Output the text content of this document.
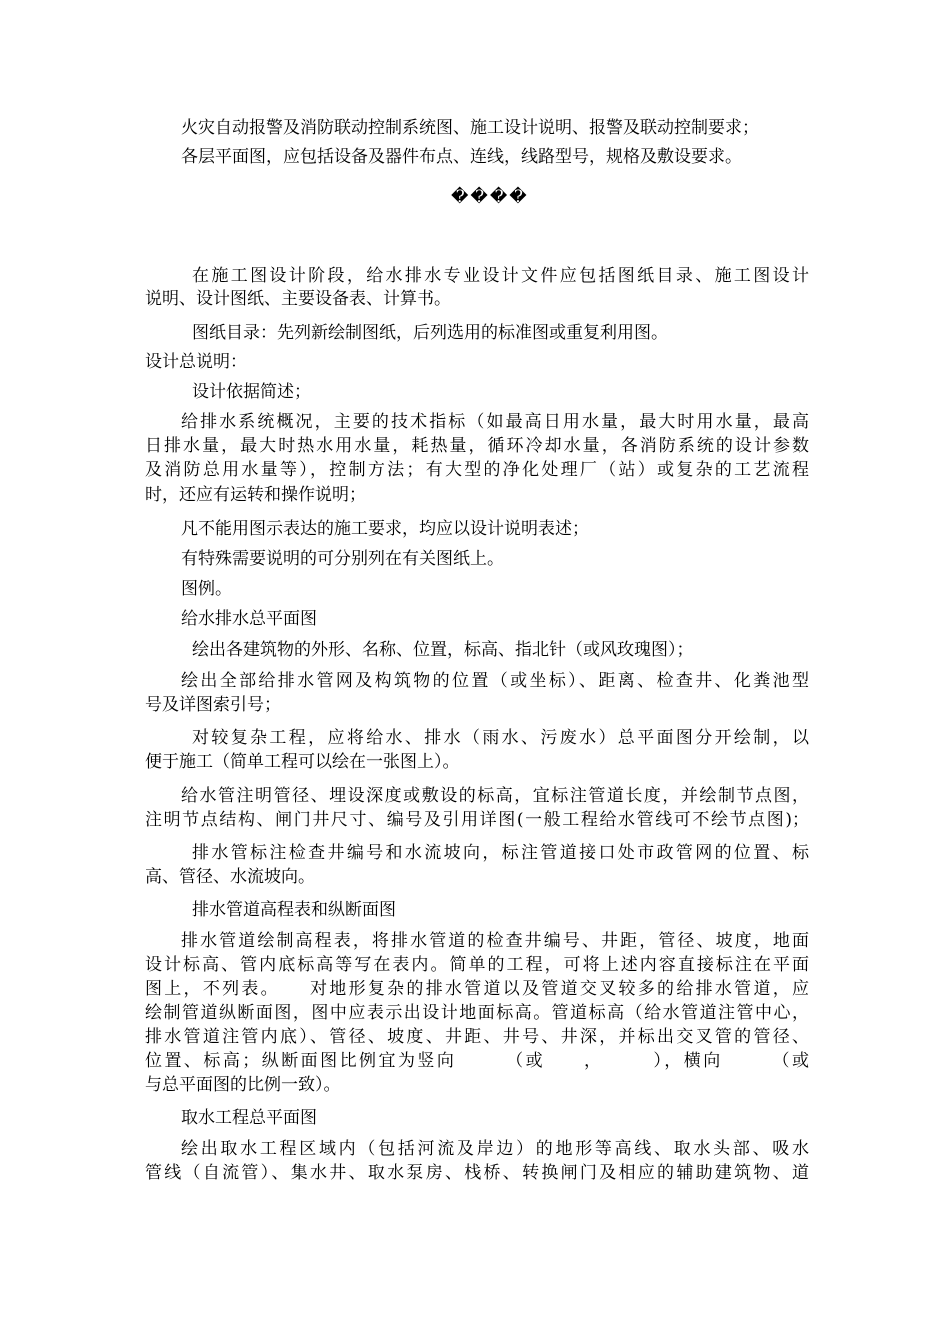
火灾自动报警及消防联动控制系统图、施工设计说明、报警及联动控制要求；
各层平面图，应包括设备及器件布点、连线，线路型号，规格及敷设要求。
����
在施工图设计阶段，给水排水专业设计文件应包括图纸目录、施工图设计
说明、设计图纸、主要设备表、计算书。
图纸目录：先列新绘制图纸，后列选用的标准图或重复利用图。
设计总说明：
设计依据简述；
给排水系统概况，主要的技术指标（如最高日用水量，最大时用水量，最高
日排水量，最大时热水用水量，耗热量，循环冷却水量，各消防系统的设计参数
及消防总用水量等），控制方法；有大型的净化处理厂（站）或复杂的工艺流程
时，还应有运转和操作说明；
凡不能用图示表达的施工要求，均应以设计说明表述；
有特殊需要说明的可分别列在有关图纸上。
图例。
给水排水总平面图
绘出各建筑物的外形、名称、位置，标高、指北针（或风玫瑰图）；
绘出全部给排水管网及构筑物的位置（或坐标）、距离、检查井、化粪池型
号及详图索引号；
对较复杂工程，应将给水、排水（雨水、污废水）总平面图分开绘制，以
便于施工（简单工程可以绘在一张图上）。
给水管注明管径、埋设深度或敷设的标高，宜标注管道长度，并绘制节点图，
注明节点结构、闸门井尺寸、编号及引用详图(一般工程给水管线可不绘节点图)；
排水管标注检查井编号和水流坡向，标注管道接口处市政管网的位置、标
高、管径、水流坡向。
排水管道高程表和纵断面图
排水管道绘制高程表，将排水管道的检查井编号、井距，管径、坡度，地面
设计标高、管内底标高等写在表内。简单的工程，可将上述内容直接标注在平面
图上，不列表。　　对地形复杂的排水管道以及管道交叉较多的给排水管道，应
绘制管道纵断面图，图中应表示出设计地面标高。管道标高（给水管道注管中心，
排水管道注管内底）、管径、坡度、井距、井号、井深，并标出交叉管的管径、
位置、标高；纵断面图比例宜为竖向　　　（或　　，　　　），横向　　　（或
与总平面图的比例一致）。
取水工程总平面图
绘出取水工程区域内（包括河流及岸边）的地形等高线、取水头部、吸水
管线（自流管）、集水井、取水泵房、栈桥、转换闸门及相应的辅助建筑物、道
